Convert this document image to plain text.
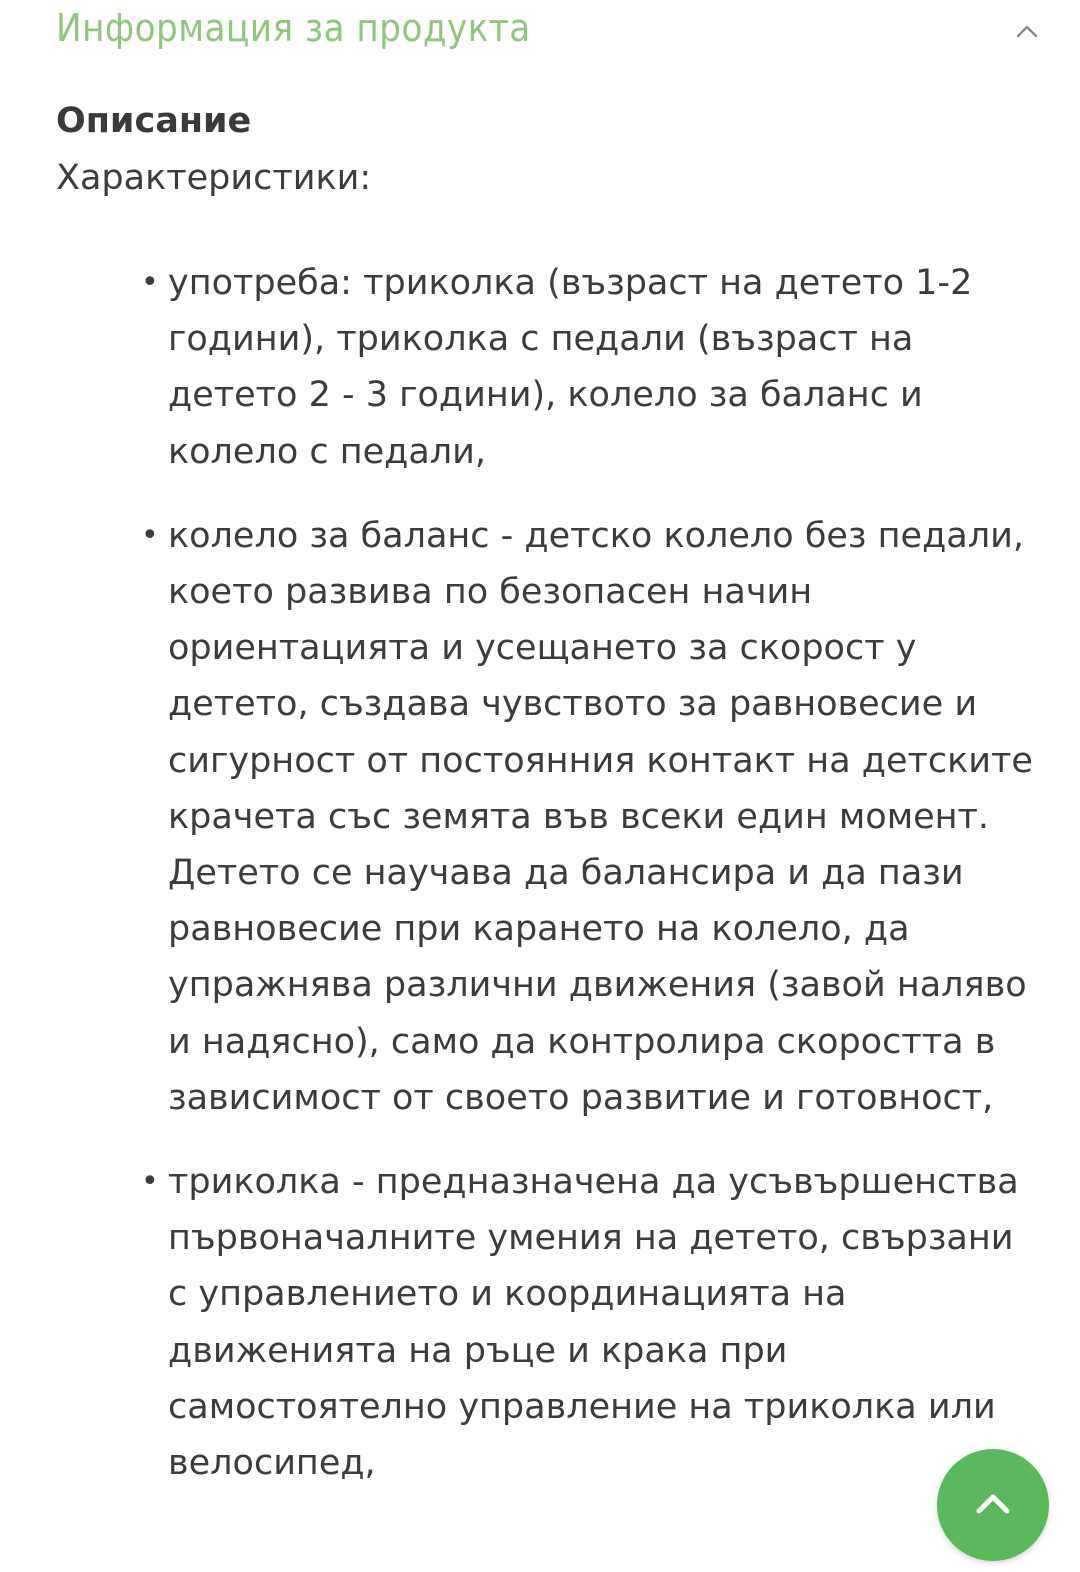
Информация за продукта
Описание
Характеристики:
• употреба: триколка (възраст на детето 1-2 години), триколка с педали (възраст на детето 2 - 3 години), колело за баланс и колело с педали,
• колело за баланс - детско колело без педали, което развива по безопасен начин ориентацията и усещането за скорост у детето, създава чувството за равновесие и сигурност от постоянния контакт на детските крачета със земята във всеки един момент. Детето се научава да балансира и да пази равновесие при карането на колело, да упражнява различни движения (завой наляво и надясно), само да контролира скоростта в зависимост от своето развитие и готовност,
• триколка - предназначена да усъвършенства първоначалните умения на детето, свързани с управлението и координацията на движенията на ръце и крака при самостоятелно управление на триколка или велосипед,
